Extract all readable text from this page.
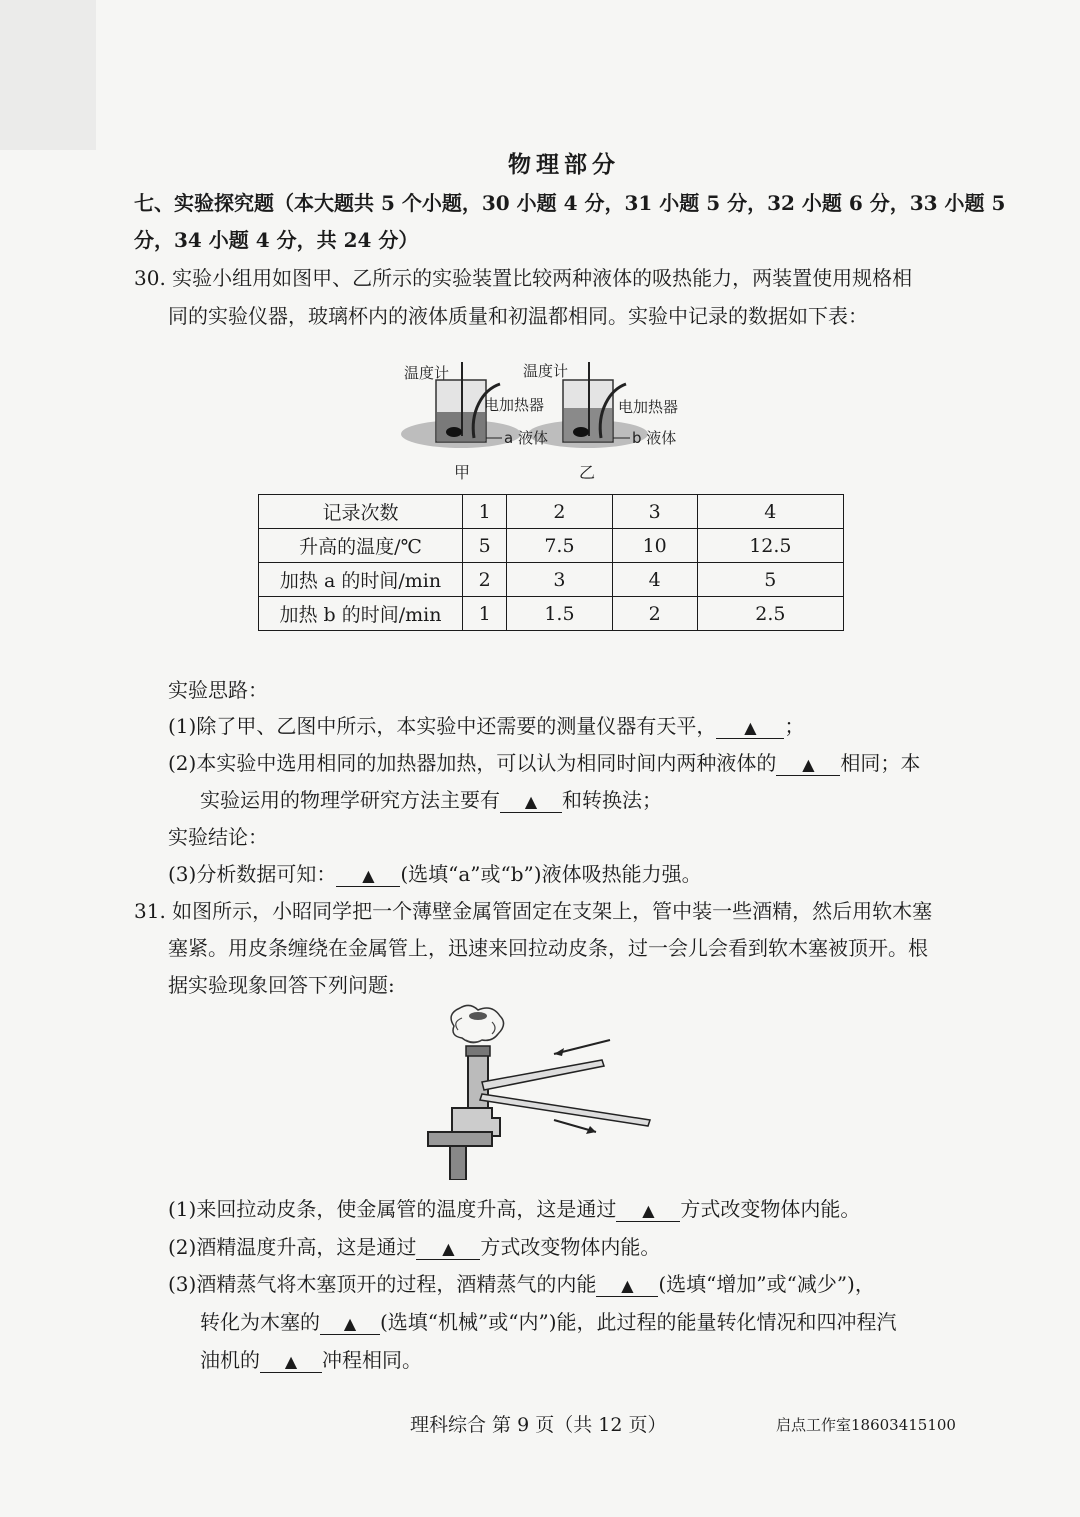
物理部分
七、实验探究题（本大题共 5 个小题，30 小题 4 分，31 小题 5 分，32 小题 6 分，33 小题 5
分，34 小题 4 分，共 24 分）
30. 实验小组用如图甲、乙所示的实验装置比较两种液体的吸热能力，两装置使用规格相
同的实验仪器，玻璃杯内的液体质量和初温都相同。实验中记录的数据如下表：
温度计	温度计
电加热器	电加热器
a 液体	b 液体
甲	乙
记录次数	1	2	3	4
升高的温度/℃	5	7.5	10	12.5
加热 a 的时间/min	2	3	4	5
加热 b 的时间/min	1	1.5	2	2.5
实验思路：
(1)除了甲、乙图中所示，本实验中还需要的测量仪器有天平， ▲ ；
(2)本实验中选用相同的加热器加热，可以认为相同时间内两种液体的 ▲ 相同；本
实验运用的物理学研究方法主要有 ▲ 和转换法；
实验结论：
(3)分析数据可知： ▲ (选填“a”或“b”)液体吸热能力强。
31. 如图所示，小昭同学把一个薄壁金属管固定在支架上，管中装一些酒精，然后用软木塞
塞紧。用皮条缠绕在金属管上，迅速来回拉动皮条，过一会儿会看到软木塞被顶开。根
据实验现象回答下列问题:
(1)来回拉动皮条，使金属管的温度升高，这是通过 ▲ 方式改变物体内能。
(2)酒精温度升高，这是通过 ▲ 方式改变物体内能。
(3)酒精蒸气将木塞顶开的过程，酒精蒸气的内能 ▲ (选填“增加”或“减少”)，
转化为木塞的 ▲ (选填“机械”或“内”)能，此过程的能量转化情况和四冲程汽
油机的 ▲ 冲程相同。
理科综合 第 9 页（共 12 页）	启点工作室18603415100
